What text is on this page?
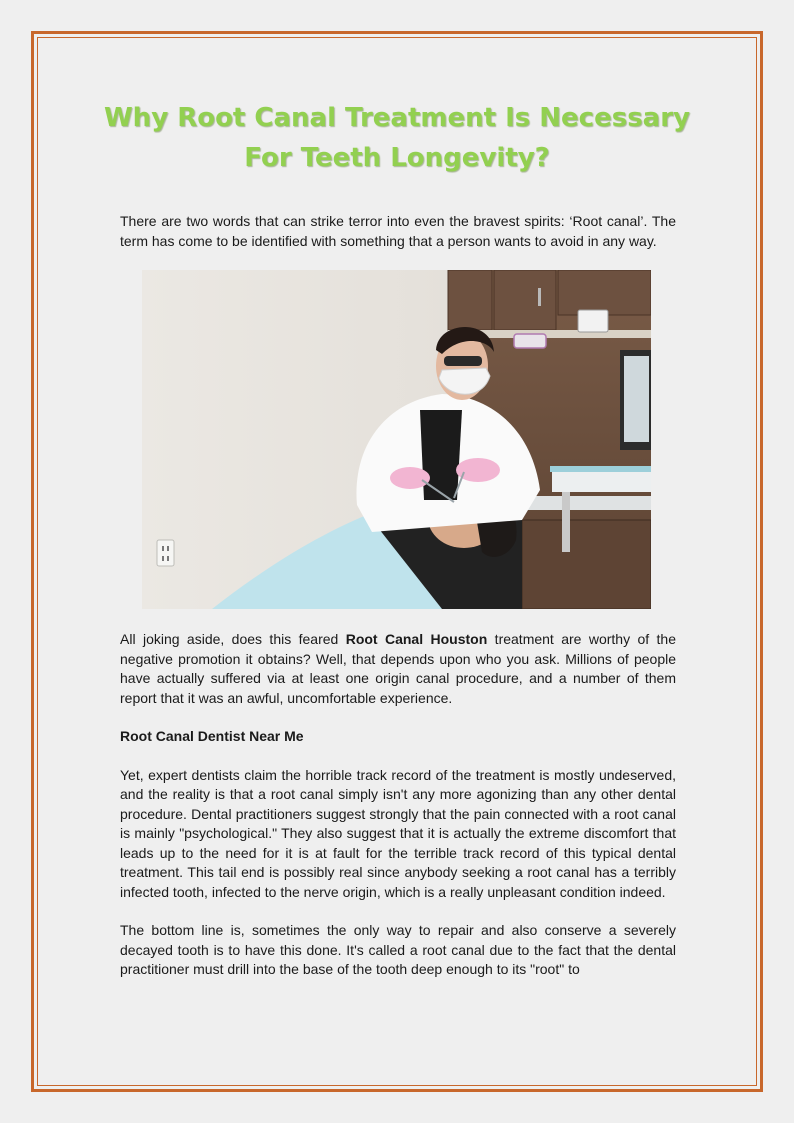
Why Root Canal Treatment Is Necessary
For Teeth Longevity?

There are two words that can strike terror into even the bravest spirits: ‘Root canal’. The term has come to be identified with something that a person wants to avoid in any way.

All joking aside, does this feared Root Canal Houston treatment are worthy of the negative promotion it obtains? Well, that depends upon who you ask. Millions of people have actually suffered via at least one origin canal procedure, and a number of them report that it was an awful, uncomfortable experience.

Root Canal Dentist Near Me

Yet, expert dentists claim the horrible track record of the treatment is mostly undeserved, and the reality is that a root canal simply isn't any more agonizing than any other dental procedure. Dental practitioners suggest strongly that the pain connected with a root canal is mainly "psychological." They also suggest that it is actually the extreme discomfort that leads up to the need for it is at fault for the terrible track record of this typical dental treatment. This tail end is possibly real since anybody seeking a root canal has a terribly infected tooth, infected to the nerve origin, which is a really unpleasant condition indeed.

The bottom line is, sometimes the only way to repair and also conserve a severely decayed tooth is to have this done. It's called a root canal due to the fact that the dental practitioner must drill into the base of the tooth deep enough to its "root" to
